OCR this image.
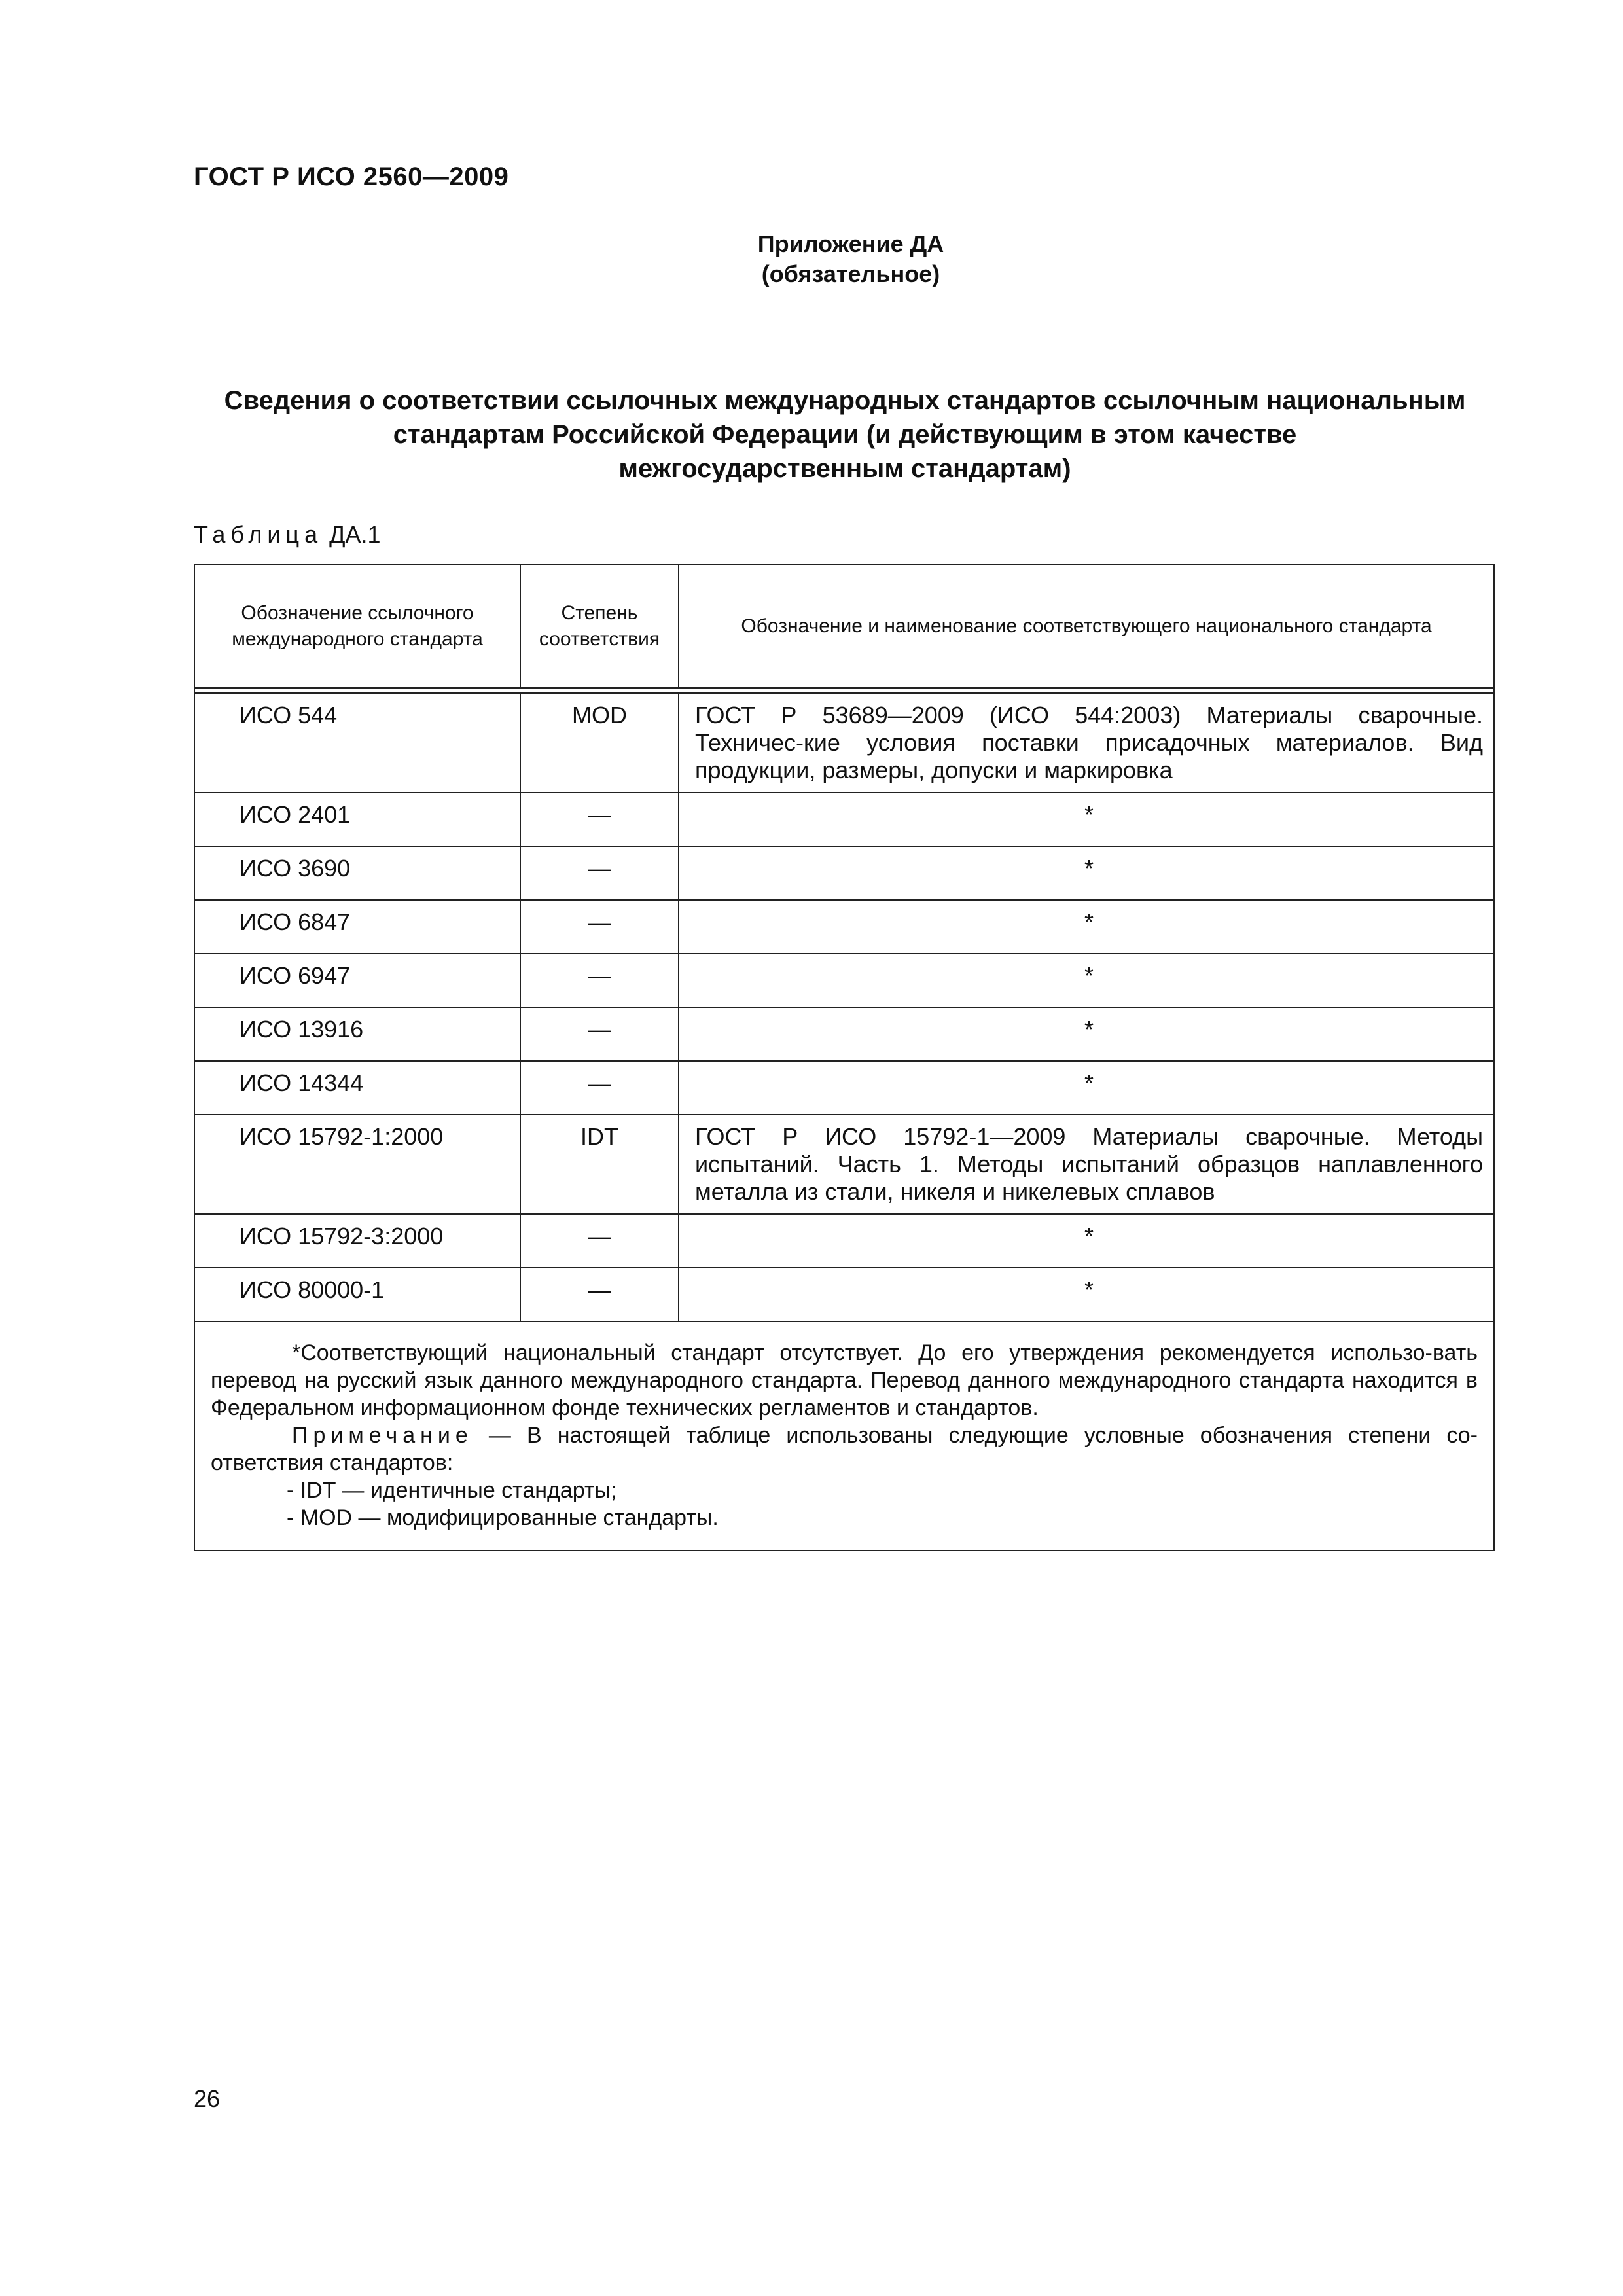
ГОСТ Р ИСО 2560—2009
Приложение ДА
(обязательное)
Сведения о соответствии ссылочных международных стандартов ссылочным национальным
стандартам Российской Федерации (и действующим в этом качестве
межгосударственным стандартам)
Таблица ДА.1
Обозначение ссылочного международного стандарта	Степень соответствия	Обозначение и наименование соответствующего национального стандарта

ИСО 544	MOD	ГОСТ Р 53689—2009 (ИСО 544:2003) Материалы сварочные. Техничес-кие условия поставки присадочных материалов. Вид продукции, размеры, допуски и маркировка
ИСО 2401	—	*
ИСО 3690	—	*
ИСО 6847	—	*
ИСО 6947	—	*
ИСО 13916	—	*
ИСО 14344	—	*
ИСО 15792-1:2000	IDT	ГОСТ Р ИСО 15792-1—2009 Материалы сварочные. Методы испытаний. Часть 1. Методы испытаний образцов наплавленного металла из стали, никеля и никелевых сплавов
ИСО 15792-3:2000	—	*
ИСО 80000-1	—	*

*Соответствующий национальный стандарт отсутствует. До его утверждения рекомендуется использо-вать перевод на русский язык данного международного стандарта. Перевод данного международного стандарта находится в Федеральном информационном фонде технических регламентов и стандартов.
Примечание — В настоящей таблице использованы следующие условные обозначения степени со-ответствия стандартов:
- IDT — идентичные стандарты;
- MOD — модифицированные стандарты.		
26
